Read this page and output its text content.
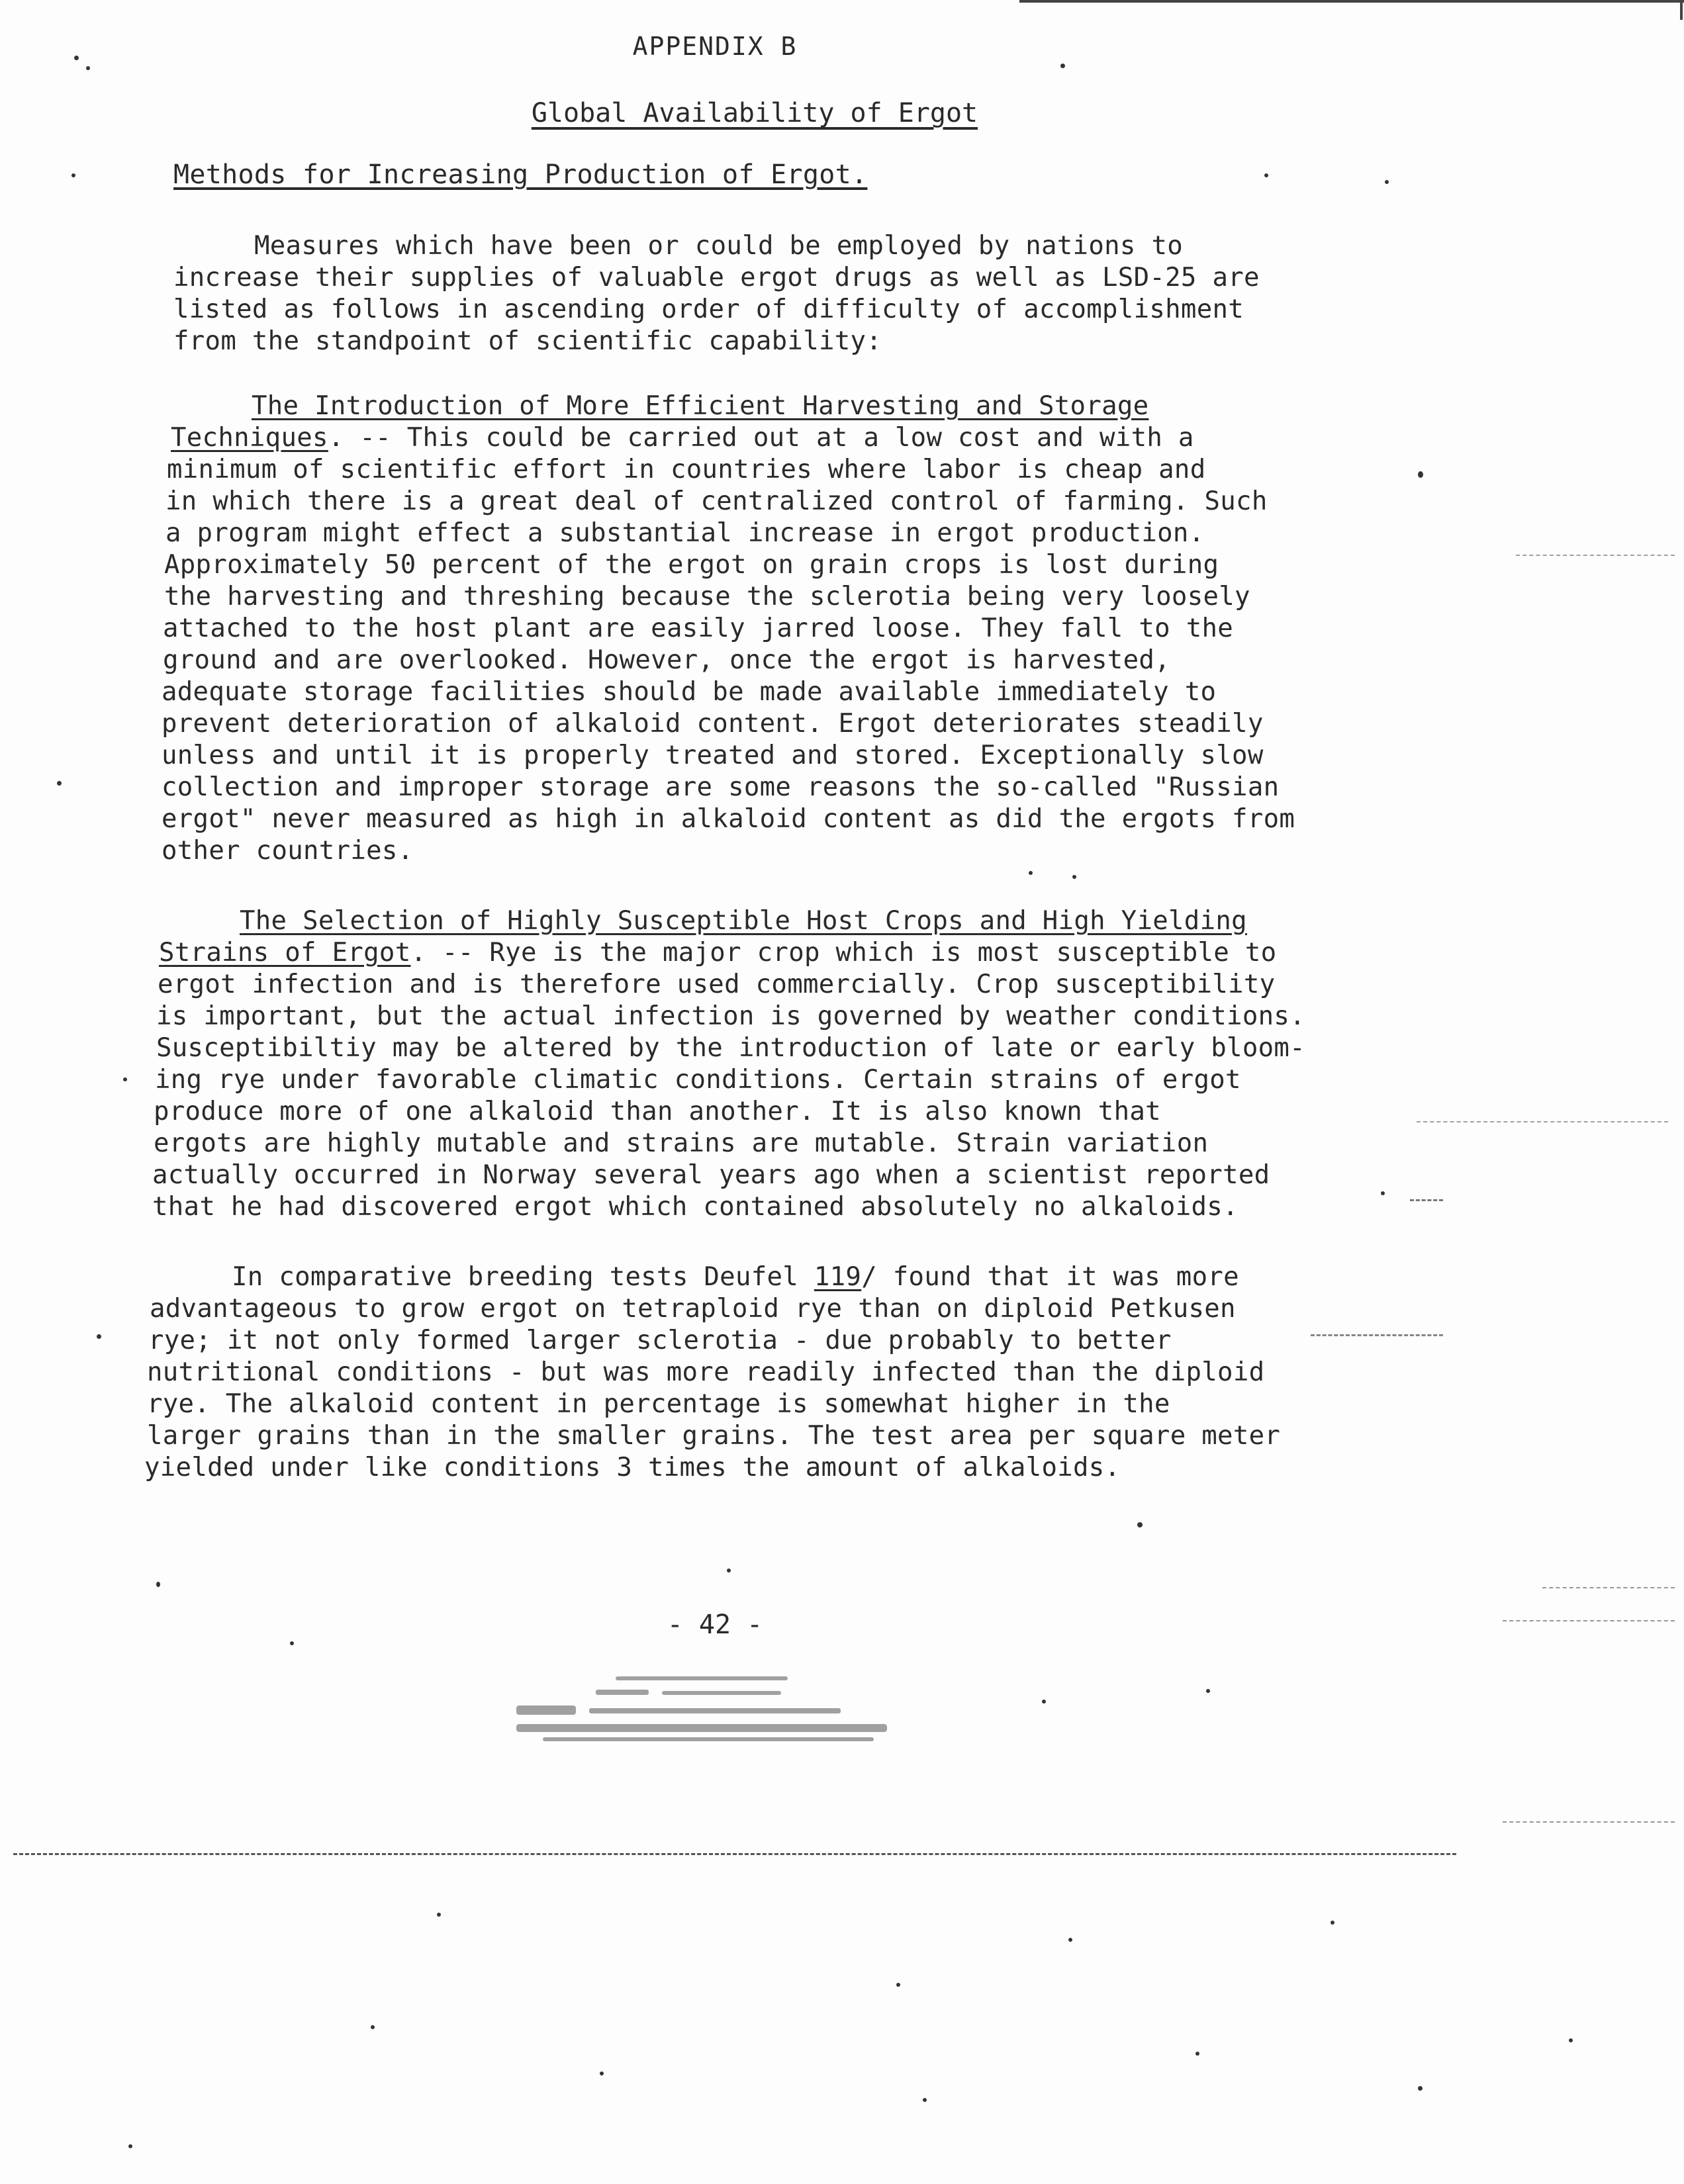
APPENDIX B
Global Availability of Ergot
Methods for Increasing Production of Ergot.
Measures which have been or could be employed by nations to
increase their supplies of valuable ergot drugs as well as LSD-25 are
listed as follows in ascending order of difficulty of accomplishment
from the standpoint of scientific capability:
The Introduction of More Efficient Harvesting and Storage
Techniques. -- This could be carried out at a low cost and with a
minimum of scientific effort in countries where labor is cheap and
in which there is a great deal of centralized control of farming. Such
a program might effect a substantial increase in ergot production.
Approximately 50 percent of the ergot on grain crops is lost during
the harvesting and threshing because the sclerotia being very loosely
attached to the host plant are easily jarred loose. They fall to the
ground and are overlooked. However, once the ergot is harvested,
adequate storage facilities should be made available immediately to
prevent deterioration of alkaloid content. Ergot deteriorates steadily
unless and until it is properly treated and stored. Exceptionally slow
collection and improper storage are some reasons the so-called "Russian
ergot" never measured as high in alkaloid content as did the ergots from
other countries.
The Selection of Highly Susceptible Host Crops and High Yielding
Strains of Ergot. -- Rye is the major crop which is most susceptible to
ergot infection and is therefore used commercially. Crop susceptibility
is important, but the actual infection is governed by weather conditions.
Susceptibiltiy may be altered by the introduction of late or early bloom-
ing rye under favorable climatic conditions. Certain strains of ergot
produce more of one alkaloid than another. It is also known that
ergots are highly mutable and strains are mutable. Strain variation
actually occurred in Norway several years ago when a scientist reported
that he had discovered ergot which contained absolutely no alkaloids.
In comparative breeding tests Deufel 119/ found that it was more
advantageous to grow ergot on tetraploid rye than on diploid Petkusen
rye; it not only formed larger sclerotia - due probably to better
nutritional conditions - but was more readily infected than the diploid
rye. The alkaloid content in percentage is somewhat higher in the
larger grains than in the smaller grains. The test area per square meter
yielded under like conditions 3 times the amount of alkaloids.
- 42 -
